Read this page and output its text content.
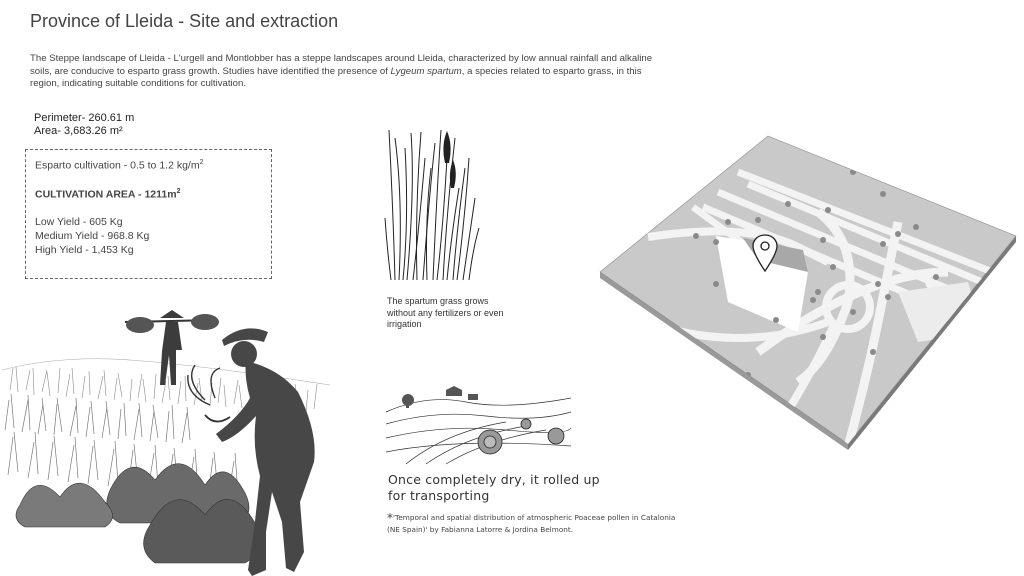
Province of Lleida - Site and extraction
The Steppe landscape of Lleida - L'urgell and Montlobber has a steppe landscapes around Lleida, characterized by low annual rainfall and alkaline soils, are conducive to esparto grass growth. Studies have identified the presence of Lygeum spartum, a species related to esparto grass, in this region, indicating suitable conditions for cultivation.
Perimeter- 260.61 m
Area- 3,683.26 m²
Esparto cultivation - 0.5 to 1.2 $kg/m^2$
CULTIVATION AREA - $1211m^2$
Low Yield - 605 Kg
Medium Yield - 968.8 Kg
High Yield - 1,453 Kg
The spartum grass grows without any fertilizers or even irrigation
Once completely dry, it rolled up for transporting
*'Temporal and spatial distribution of atmospheric Poaceae pollen in Catalonia (NE Spain)' by Fabianna Latorre & Jordina Belmont.
